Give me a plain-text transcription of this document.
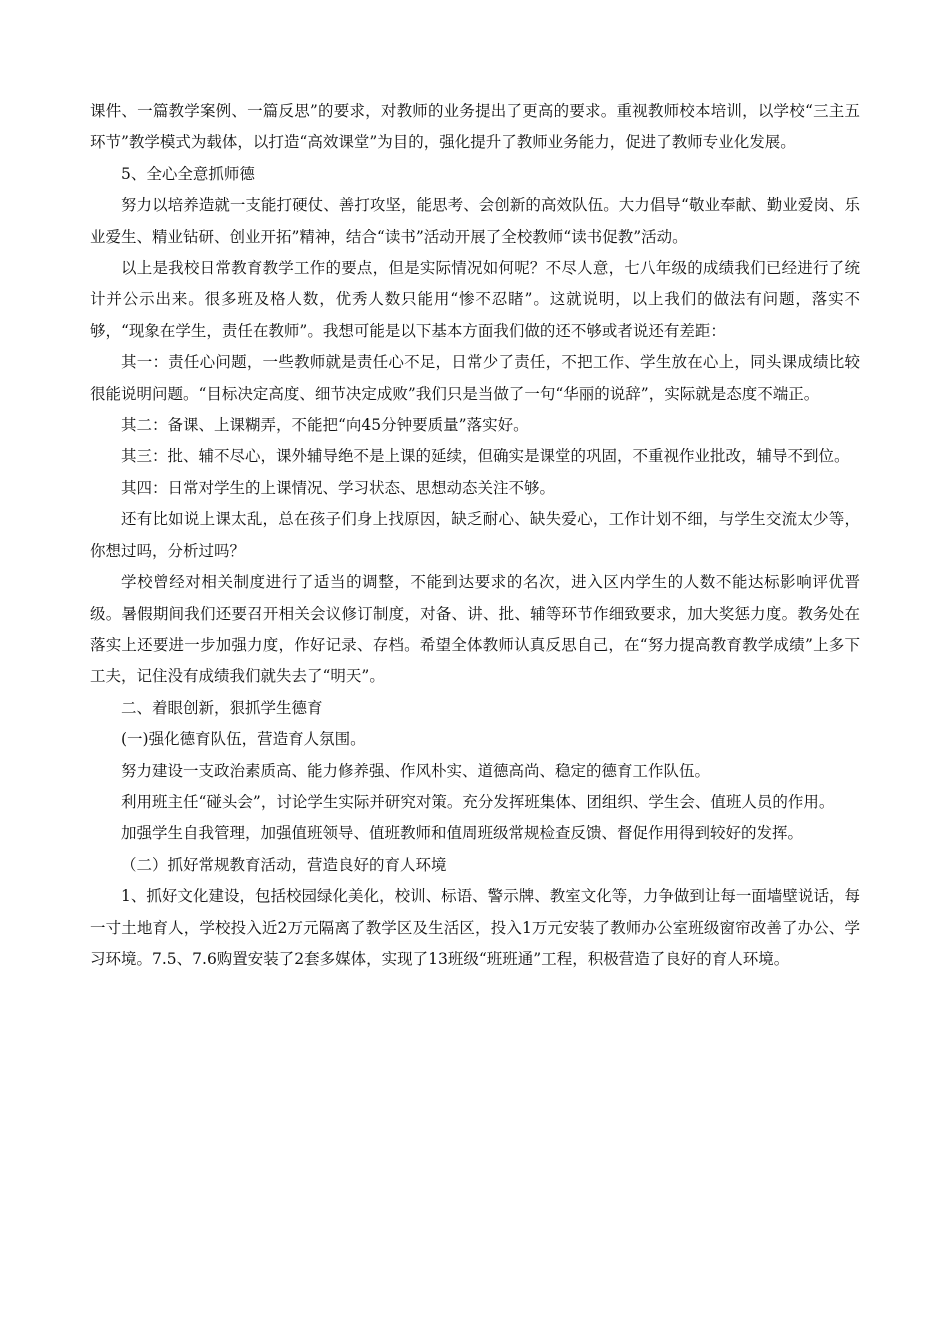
课件、一篇教学案例、一篇反思”的要求，对教师的业务提出了更高的要求。重视教师校本培训，以学校“三主五环节”教学模式为载体，以打造“高效课堂”为目的，强化提升了教师业务能力，促进了教师专业化发展。

5、全心全意抓师德

努力以培养造就一支能打硬仗、善打攻坚，能思考、会创新的高效队伍。大力倡导“敬业奉献、勤业爱岗、乐业爱生、精业钻研、创业开拓”精神，结合“读书”活动开展了全校教师“读书促教”活动。

以上是我校日常教育教学工作的要点，但是实际情况如何呢？不尽人意，七八年级的成绩我们已经进行了统计并公示出来。很多班及格人数，优秀人数只能用“惨不忍睹”。这就说明，以上我们的做法有问题，落实不够，“现象在学生，责任在教师”。我想可能是以下基本方面我们做的还不够或者说还有差距：

其一：责任心问题，一些教师就是责任心不足，日常少了责任，不把工作、学生放在心上，同头课成绩比较很能说明问题。“目标决定高度、细节决定成败”我们只是当做了一句“华丽的说辞”，实际就是态度不端正。

其二：备课、上课糊弄，不能把“向45分钟要质量”落实好。

其三：批、辅不尽心，课外辅导绝不是上课的延续，但确实是课堂的巩固，不重视作业批改，辅导不到位。

其四：日常对学生的上课情况、学习状态、思想动态关注不够。

还有比如说上课太乱，总在孩子们身上找原因，缺乏耐心、缺失爱心，工作计划不细，与学生交流太少等，你想过吗，分析过吗？

学校曾经对相关制度进行了适当的调整，不能到达要求的名次，进入区内学生的人数不能达标影响评优晋级。暑假期间我们还要召开相关会议修订制度，对备、讲、批、辅等环节作细致要求，加大奖惩力度。教务处在落实上还要进一步加强力度，作好记录、存档。希望全体教师认真反思自己，在“努力提高教育教学成绩”上多下工夫，记住没有成绩我们就失去了“明天”。

二、着眼创新，狠抓学生德育

(一)强化德育队伍，营造育人氛围。

努力建设一支政治素质高、能力修养强、作风朴实、道德高尚、稳定的德育工作队伍。

利用班主任“碰头会”，讨论学生实际并研究对策。充分发挥班集体、团组织、学生会、值班人员的作用。

加强学生自我管理，加强值班领导、值班教师和值周班级常规检查反馈、督促作用得到较好的发挥。

（二）抓好常规教育活动，营造良好的育人环境

1、抓好文化建设，包括校园绿化美化，校训、标语、警示牌、教室文化等，力争做到让每一面墙壁说话，每一寸土地育人，学校投入近2万元隔离了教学区及生活区，投入1万元安装了教师办公室班级窗帘改善了办公、学习环境。7.5、7.6购置安装了2套多媒体，实现了13班级“班班通”工程，积极营造了良好的育人环境。
